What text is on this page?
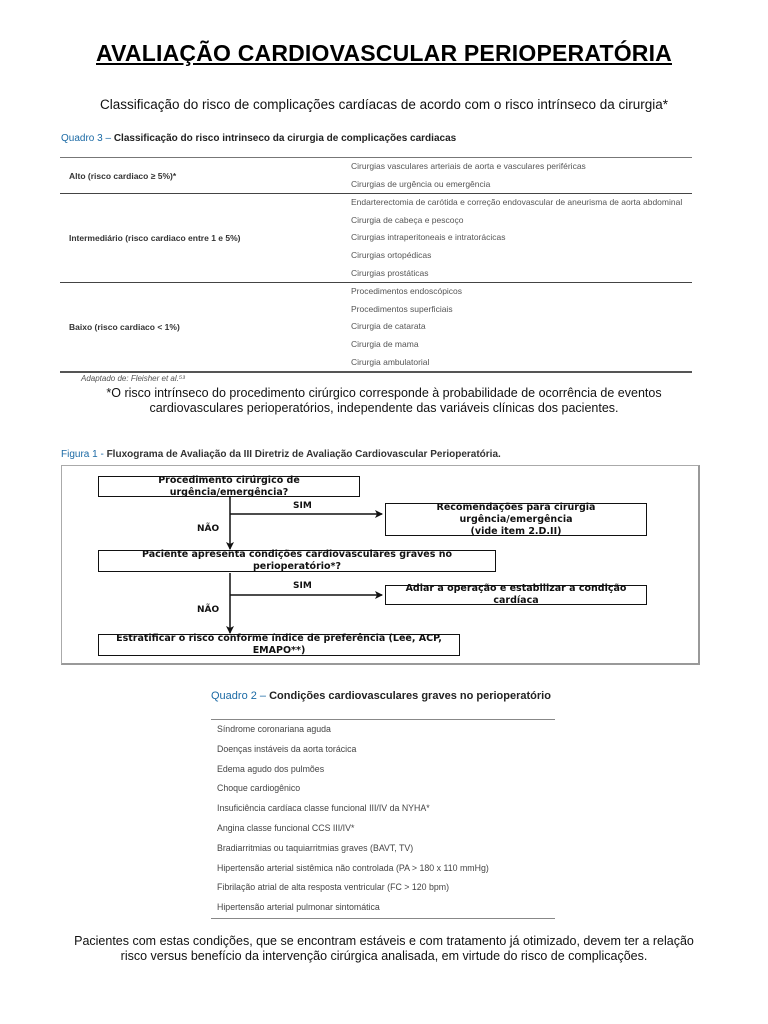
AVALIAÇÃO CARDIOVASCULAR PERIOPERATÓRIA
Classificação do risco de complicações cardíacas de acordo com o risco intrínseco da cirurgia*
Quadro 3 – Classificação do risco intrinseco da cirurgia de complicações cardiacas
Alto (risco cardiaco ≥ 5%)*
Cirurgias vasculares arteriais de aorta e vasculares periféricas
Cirurgias de urgência ou emergência
Intermediário (risco cardiaco entre 1 e 5%)
Endarterectomia de carótida e correção endovascular de aneurisma de aorta abdominal
Cirurgia de cabeça e pescoço
Cirurgias intraperitoneais e intratorácicas
Cirurgias ortopédicas
Cirurgias prostáticas
Baixo (risco cardiaco < 1%)
Procedimentos endoscópicos
Procedimentos superficiais
Cirurgia de catarata
Cirurgia de mama
Cirurgia ambulatorial
Adaptado de: Fleisher et al.⁵³
*O risco intrínseco do procedimento cirúrgico corresponde à probabilidade de ocorrência de eventos
cardiovasculares perioperatórios, independente das variáveis clínicas dos pacientes.
Figura 1 - Fluxograma de Avaliação da III Diretriz de Avaliação Cardiovascular Perioperatória.
Procedimento cirúrgico de urgência/emergência?
SIM
NÃO
Recomendações para cirurgia urgência/emergência
(vide item 2.D.II)
Paciente apresenta condições cardiovasculares graves no perioperatório*?
SIM
NÃO
Adiar a operação e estabilizar a condição cardíaca
Estratificar o risco conforme índice de preferência (Lee, ACP, EMAPO**)
Quadro 2 – Condições cardiovasculares graves no perioperatório
Síndrome coronariana aguda
Doenças instáveis da aorta torácica
Edema agudo dos pulmões
Choque cardiogênico
Insuficiência cardíaca classe funcional III/IV da NYHA*
Angina classe funcional CCS III/IV*
Bradiarritmias ou taquiarritmias graves (BAVT, TV)
Hipertensão arterial sistêmica não controlada (PA > 180 x 110 mmHg)
Fibrilação atrial de alta resposta ventricular (FC > 120 bpm)
Hipertensão arterial pulmonar sintomática
Pacientes com estas condições, que se encontram estáveis e com tratamento já otimizado, devem ter a relação
risco versus benefício da intervenção cirúrgica analisada, em virtude do risco de complicações.
